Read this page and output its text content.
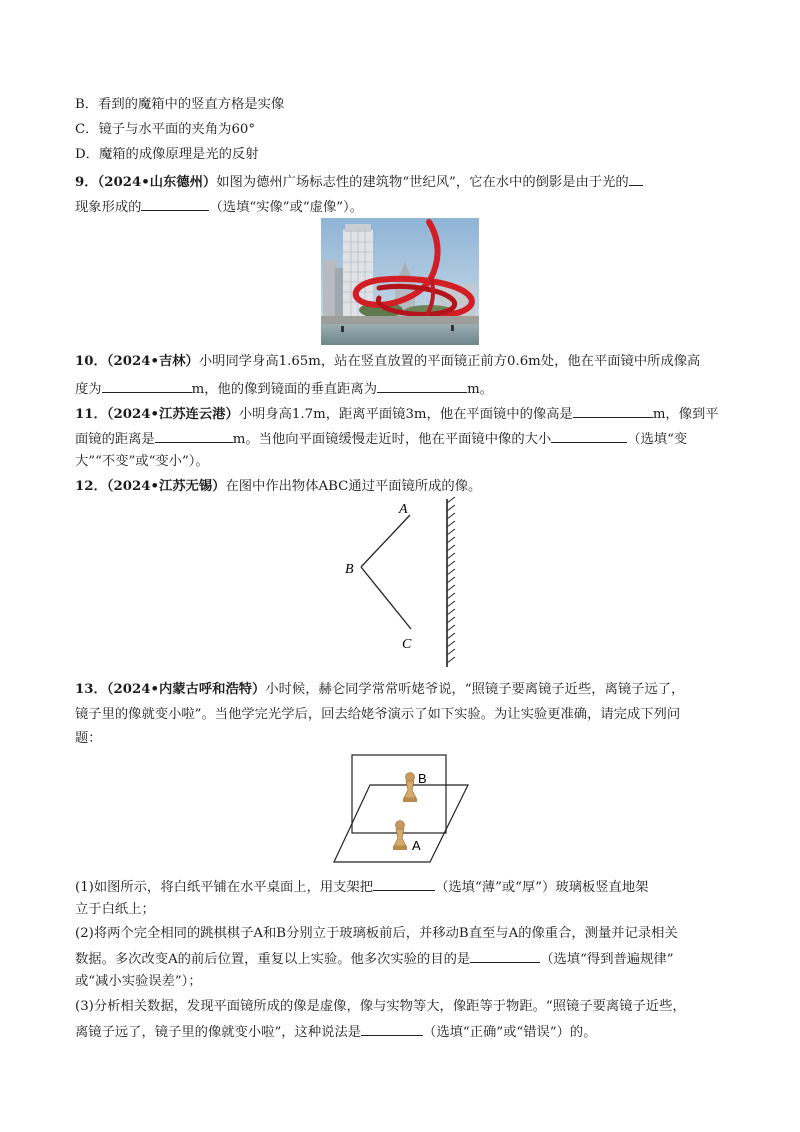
B．看到的魔箱中的竖直方格是实像
C．镜子与水平面的夹角为60°
D．魔箱的成像原理是光的反射
9．（2024•山东德州）如图为德州广场标志性的建筑物“世纪风”，它在水中的倒影是由于光的
现象形成的	（选填“实像”或“虚像”）。
10．（2024•吉林）小明同学身高1.65m，站在竖直放置的平面镜正前方0.6m处，他在平面镜中所成像高
度为	m，他的像到镜面的垂直距离为	m。
11．（2024•江苏连云港）小明身高1.7m，距离平面镜3m，他在平面镜中的像高是	m，像到平
面镜的距离是	m。当他向平面镜缓慢走近时，他在平面镜中像的大小	（选填“变
大”“不变”或“变小”）。
12．（2024•江苏无锡）在图中作出物体ABC通过平面镜所成的像。
A
B
C
13．（2024•内蒙古呼和浩特）小时候，赫仑同学常常听姥爷说，“照镜子要离镜子近些，离镜子远了，
镜子里的像就变小啦”。当他学完光学后，回去给姥爷演示了如下实验。为让实验更准确，请完成下列问
题：
B
A
(1)如图所示，将白纸平铺在水平桌面上，用支架把	（选填“薄”或“厚”）玻璃板竖直地架
立于白纸上；
(2)将两个完全相同的跳棋棋子A和B分别立于玻璃板前后，并移动B直至与A的像重合，测量并记录相关
数据。多次改变A的前后位置，重复以上实验。他多次实验的目的是	（选填“得到普遍规律”
或“减小实验误差”）；
(3)分析相关数据，发现平面镜所成的像是虚像，像与实物等大，像距等于物距。“照镜子要离镜子近些，
离镜子远了，镜子里的像就变小啦”，这种说法是	（选填“正确”或“错误”）的。
